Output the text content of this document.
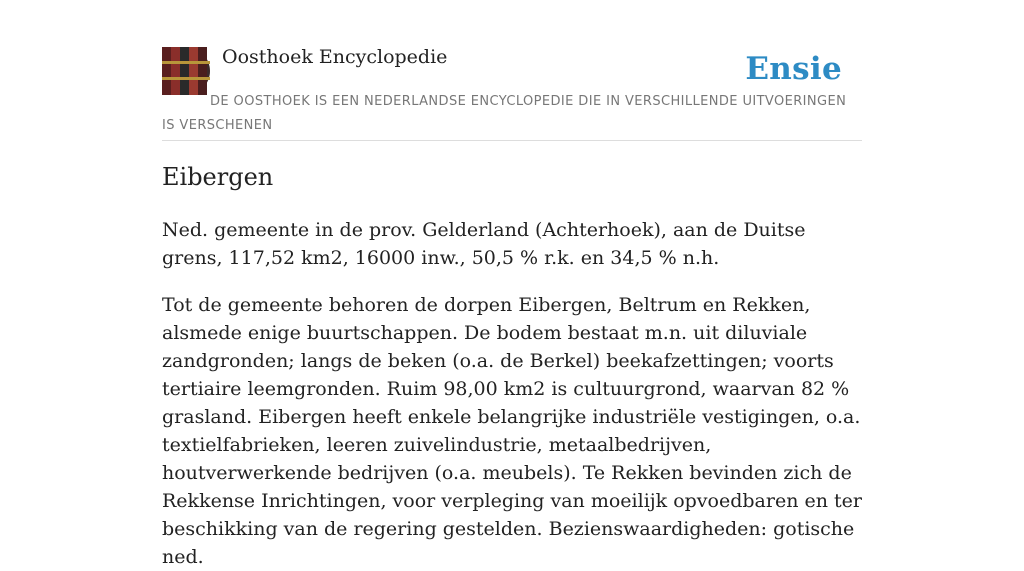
Oosthoek Encyclopedie	Ensie
DE OOSTHOEK IS EEN NEDERLANDSE ENCYCLOPEDIE DIE IN VERSCHILLENDE UITVOERINGEN IS VERSCHENEN
Eibergen

Ned. gemeente in de prov. Gelderland (Achterhoek), aan de Duitse grens, 117,52 km2, 16000 inw., 50,5 % r.k. en 34,5 % n.h.

Tot de gemeente behoren de dorpen Eibergen, Beltrum en Rekken, alsmede enige buurtschappen. De bodem bestaat m.n. uit diluviale zandgronden; langs de beken (o.a. de Berkel) beekafzettingen; voorts tertiaire leemgronden. Ruim 98,00 km2 is cultuurgrond, waarvan 82 % grasland. Eibergen heeft enkele belangrijke industriële vestigingen, o.a. textielfabrieken, leeren zuivelindustrie, metaalbedrijven, houtverwerkende bedrijven (o.a. meubels). Te Rekken bevinden zich de Rekkense Inrichtingen, voor verpleging van moeilijk opvoedbaren en ter beschikking van de regering gestelden. Bezienswaardigheden: gotische ned.
